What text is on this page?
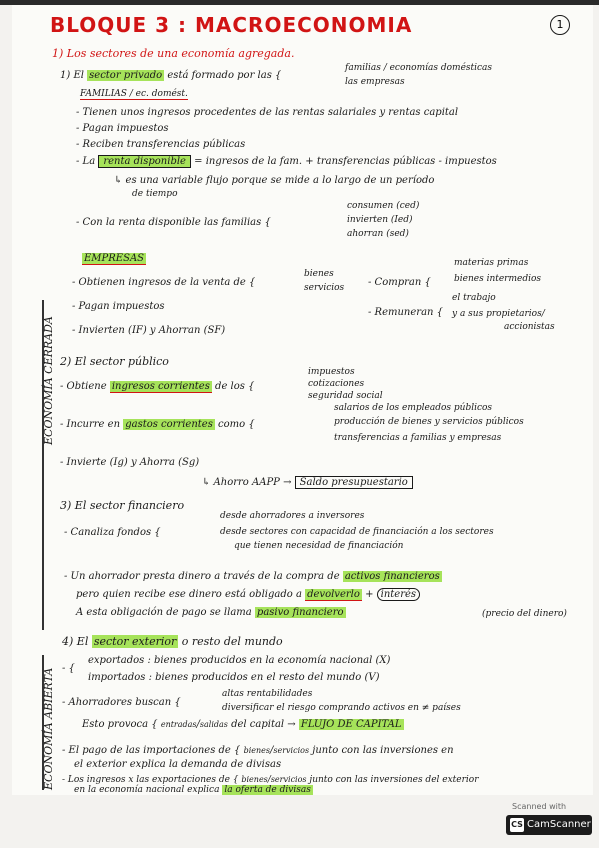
BLOQUE 3 : MACROECONOMIA	1
ECONOMÍA CERRADA
ECONOMÍA ABIERTA
1) Los sectores de una economía agregada.
1) El sector privado está formado por las {
familias / economías domésticas
las empresas
FAMILIAS / ec. domést.
- Tienen unos ingresos procedentes de las rentas salariales y rentas capital
- Pagan impuestos
- Reciben transferencias públicas
- La renta disponible = ingresos de la fam. + transferencias públicas - impuestos
↳ es una variable flujo porque se mide a lo largo de un período
de tiempo
- Con la renta disponible las familias {
consumen (ced)
invierten (Ied)
ahorran (sed)
EMPRESAS
- Obtienen ingresos de la venta de {
bienes
servicios - Compran {
materias primas
bienes intermedios
- Pagan impuestos
- Remuneran {
el trabajo
y a sus propietarios/
accionistas
- Invierten (IF) y Ahorran (SF)
2) El sector público
- Obtiene ingresos corrientes de los {
impuestos
cotizaciones
seguridad social
- Incurre en gastos corrientes como {
salarios de los empleados públicos
producción de bienes y servicios públicos
transferencias a familias y empresas
- Invierte (Ig) y Ahorra (Sg)
↳ Ahorro AAPP → Saldo presupuestario
3) El sector financiero
- Canaliza fondos {
desde ahorradores a inversores
desde sectores con capacidad de financiación a los sectores
que tienen necesidad de financiación
- Un ahorrador presta dinero a través de la compra de activos financieros
pero quien recibe ese dinero está obligado a devolverlo + interés
A esta obligación de pago se llama pasivo financiero	(precio del dinero)
4) El sector exterior o resto del mundo
- {
exportados : bienes producidos en la economía nacional (X)
importados : bienes producidos en el resto del mundo (V)
- Ahorradores buscan {
altas rentabilidades
diversificar el riesgo comprando activos en ≠ países
Esto provoca { entradas/salidas del capital → FLUJO DE CAPITAL
- El pago de las importaciones de { bienes/servicios junto con las inversiones en
el exterior explica la demanda de divisas
- Los ingresos x las exportaciones de { bienes/servicios junto con las inversiones del exterior
en la economía nacional explica la oferta de divisas
Scanned with
CS CamScanner
